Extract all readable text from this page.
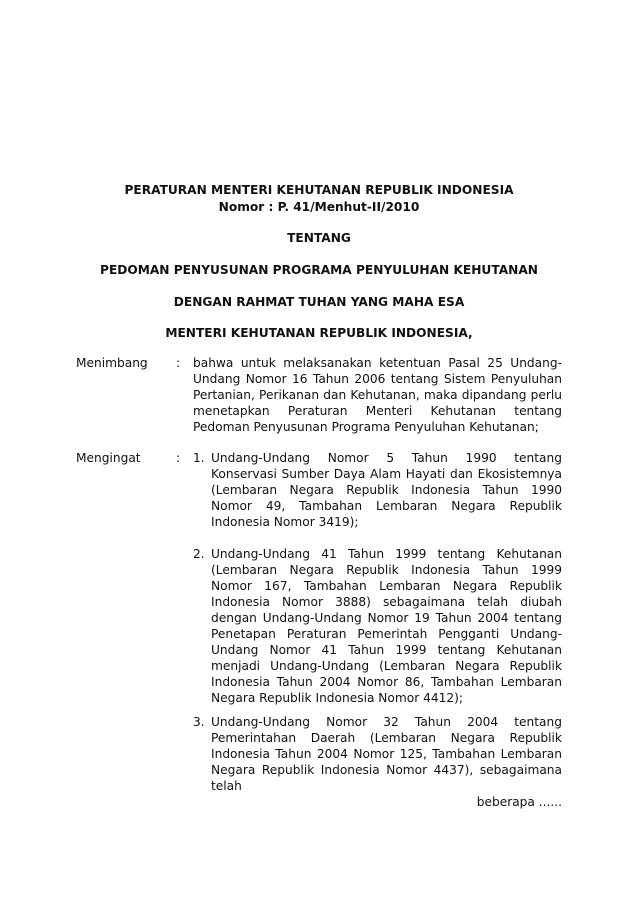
PERATURAN MENTERI KEHUTANAN REPUBLIK INDONESIA
Nomor : P. 41/Menhut-II/2010
TENTANG
PEDOMAN PENYUSUNAN PROGRAMA PENYULUHAN KEHUTANAN
DENGAN RAHMAT TUHAN YANG MAHA ESA
MENTERI KEHUTANAN REPUBLIK INDONESIA,
Menimbang : bahwa untuk melaksanakan ketentuan Pasal 25 Undang-Undang Nomor 16 Tahun 2006 tentang Sistem Penyuluhan Pertanian, Perikanan dan Kehutanan, maka dipandang perlu menetapkan Peraturan Menteri Kehutanan tentang Pedoman Penyusunan Programa Penyuluhan Kehutanan;
Mengingat	: 1. Undang-Undang Nomor 5 Tahun 1990 tentang Konservasi Sumber Daya Alam Hayati dan Ekosistemnya (Lembaran Negara Republik Indonesia Tahun 1990 Nomor 49, Tambahan Lembaran Negara Republik Indonesia Nomor 3419);
2. Undang-Undang 41 Tahun 1999 tentang Kehutanan (Lembaran Negara Republik Indonesia Tahun 1999 Nomor 167, Tambahan Lembaran Negara Republik Indonesia Nomor 3888) sebagaimana telah diubah dengan Undang-Undang Nomor 19 Tahun 2004 tentang Penetapan Peraturan Pemerintah Pengganti Undang-Undang Nomor 41 Tahun 1999 tentang Kehutanan menjadi Undang-Undang (Lembaran Negara Republik Indonesia Tahun 2004 Nomor 86, Tambahan Lembaran Negara Republik Indonesia Nomor 4412);
3. Undang-Undang Nomor 32 Tahun 2004 tentang Pemerintahan Daerah (Lembaran Negara Republik Indonesia Tahun 2004 Nomor 125, Tambahan Lembaran Negara Republik Indonesia Nomor 4437), sebagaimana telah
beberapa ......
